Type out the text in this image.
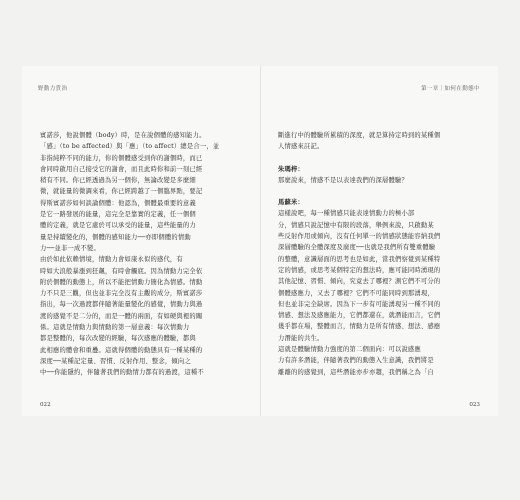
野動力貨治

賓諾莎，他說個體（body）時，是在說個體的感知能力。

「感」（to be affected）與「應」（to affect）總是合一，並

非指純粹不同的能力，你的個體感受到你的謝個時，而已

會同時啟用自己接受它的謝會，而且此時你和前一刻已經

稍有不同。你已經透過為另一個你，無論改變是多麼細

微，就能量的微調來看，你已經跨越了一個臨界點，要記

得斯賓諾莎如何談論個體：他認為，個體最重要的意義

是它一路發展的能量，這完全是靠實的定義，任一個個

體的定義，就是它處於可以承受的能量，這些能量的力

量是持續變化的，個體的感知能力──亦即個體的情動

力──並非一成不變。

由於如此依賴情境，情動力會如康永似的感代，有

時如大浪般暴漲到狂飆，有時會觸底。因為情動力完全依

附於個體的動態上，所以不能把情動力簡化為情感。情動

力不只是三觀，但也並非完全沒有主觀的成分，斯賓諾莎

指出，每一次過渡都伴隨著能量變化的感覺，情動力與過

渡的感覺不是二分的，而是一體的兩面，有如硬與裡的關

係。這就是情動力與情動的第一層意義：每次情動力

都是整體的，每次改變的經驗，每次感應的體驗，都與

此相應的體會和重疊。這就得個體的動態具有一種某種的

深度──某種記定量、習慣、反射作用、整念，傾向之

中──你能隱約，伴隨著我們的動情力都有的過渡，這種不

022
第一章｜如何在動態中

斷進行中的體驗所累積的深度，就是算持定時到的某種個

人情感來註記。

朱瑪梓：

那麼說來，情感不是以表達我們的深層體驗？

馬蘇米：

這樣說吧，每一種情感只能表達情動力的極小部

分，情感只說記憶中有限的段落，舉例來說，只啟動某

些反射作用或傾向，沒有任何單一的情感狀態能容納我們

深層體驗的全體深度及廣度──也就是我們所有雙重體驗

的整體，意識層面的思考也是如此，當我們察覺到某種特

定的情感，或思考某個特定的想法時，應可能同時湧現的

其他記憶、習慣、傾向，究竟去了哪裡？測它們不可分的

個體感應力，又去了哪裡？它們不可能同時到那湧現，

但也並非完全缺席。因為下一步有可能湧現另一種不同的

情感、想法及感應能力，它們都還在，就潛能而言，它們

幾乎都在場，整體而言，情動力是所有情感、想法、感應

力潛能的共生。

這就是體驗情動力強度的第二個面向：可以說感應

力有許多潛能，伴隨著我們的動態入生意識，我們將是

離離的的感覺到，這些潛能亦步亦趨，我們稱之為「自

023
